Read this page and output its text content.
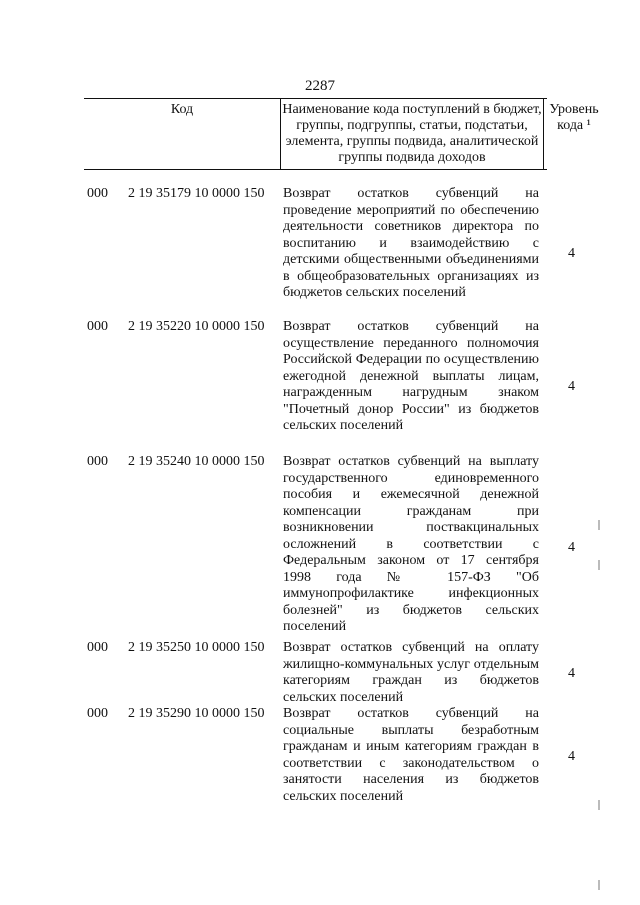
2287
Код	Наименование кода поступлений в бюджет, группы, подгруппы, статьи, подстатьи, элемента, группы подвида, аналитической группы подвида доходов
Уровень кода ¹
000 2 19 35179 10 0000 150 Возврат остатков субвенций на проведение мероприятий по обеспечению деятельности советников директора по воспитанию и взаимодействию с детскими общественными объединениями в общеобразовательных организациях из бюджетов сельских поселений
4
000 2 19 35220 10 0000 150 Возврат остатков субвенций на осуществление переданного полномочия Российской Федерации по осуществлению ежегодной денежной выплаты лицам, награжденным нагрудным знаком "Почетный донор России" из бюджетов сельских поселений
4
000 2 19 35240 10 0000 150 Возврат остатков субвенций на выплату государственного единовременного пособия и ежемесячной денежной компенсации гражданам при возникновении поствакцинальных осложнений в соответствии с Федеральным законом от 17 сентября 1998 года № 157-ФЗ "Об иммунопрофилактике инфекционных болезней" из бюджетов сельских поселений
4
000 2 19 35250 10 0000 150 Возврат остатков субвенций на оплату жилищно-коммунальных услуг отдельным категориям граждан из бюджетов сельских поселений
4
000 2 19 35290 10 0000 150 Возврат остатков субвенций на социальные выплаты безработным гражданам и иным категориям граждан в соответствии с законодательством о занятости населения из бюджетов сельских поселений
4
